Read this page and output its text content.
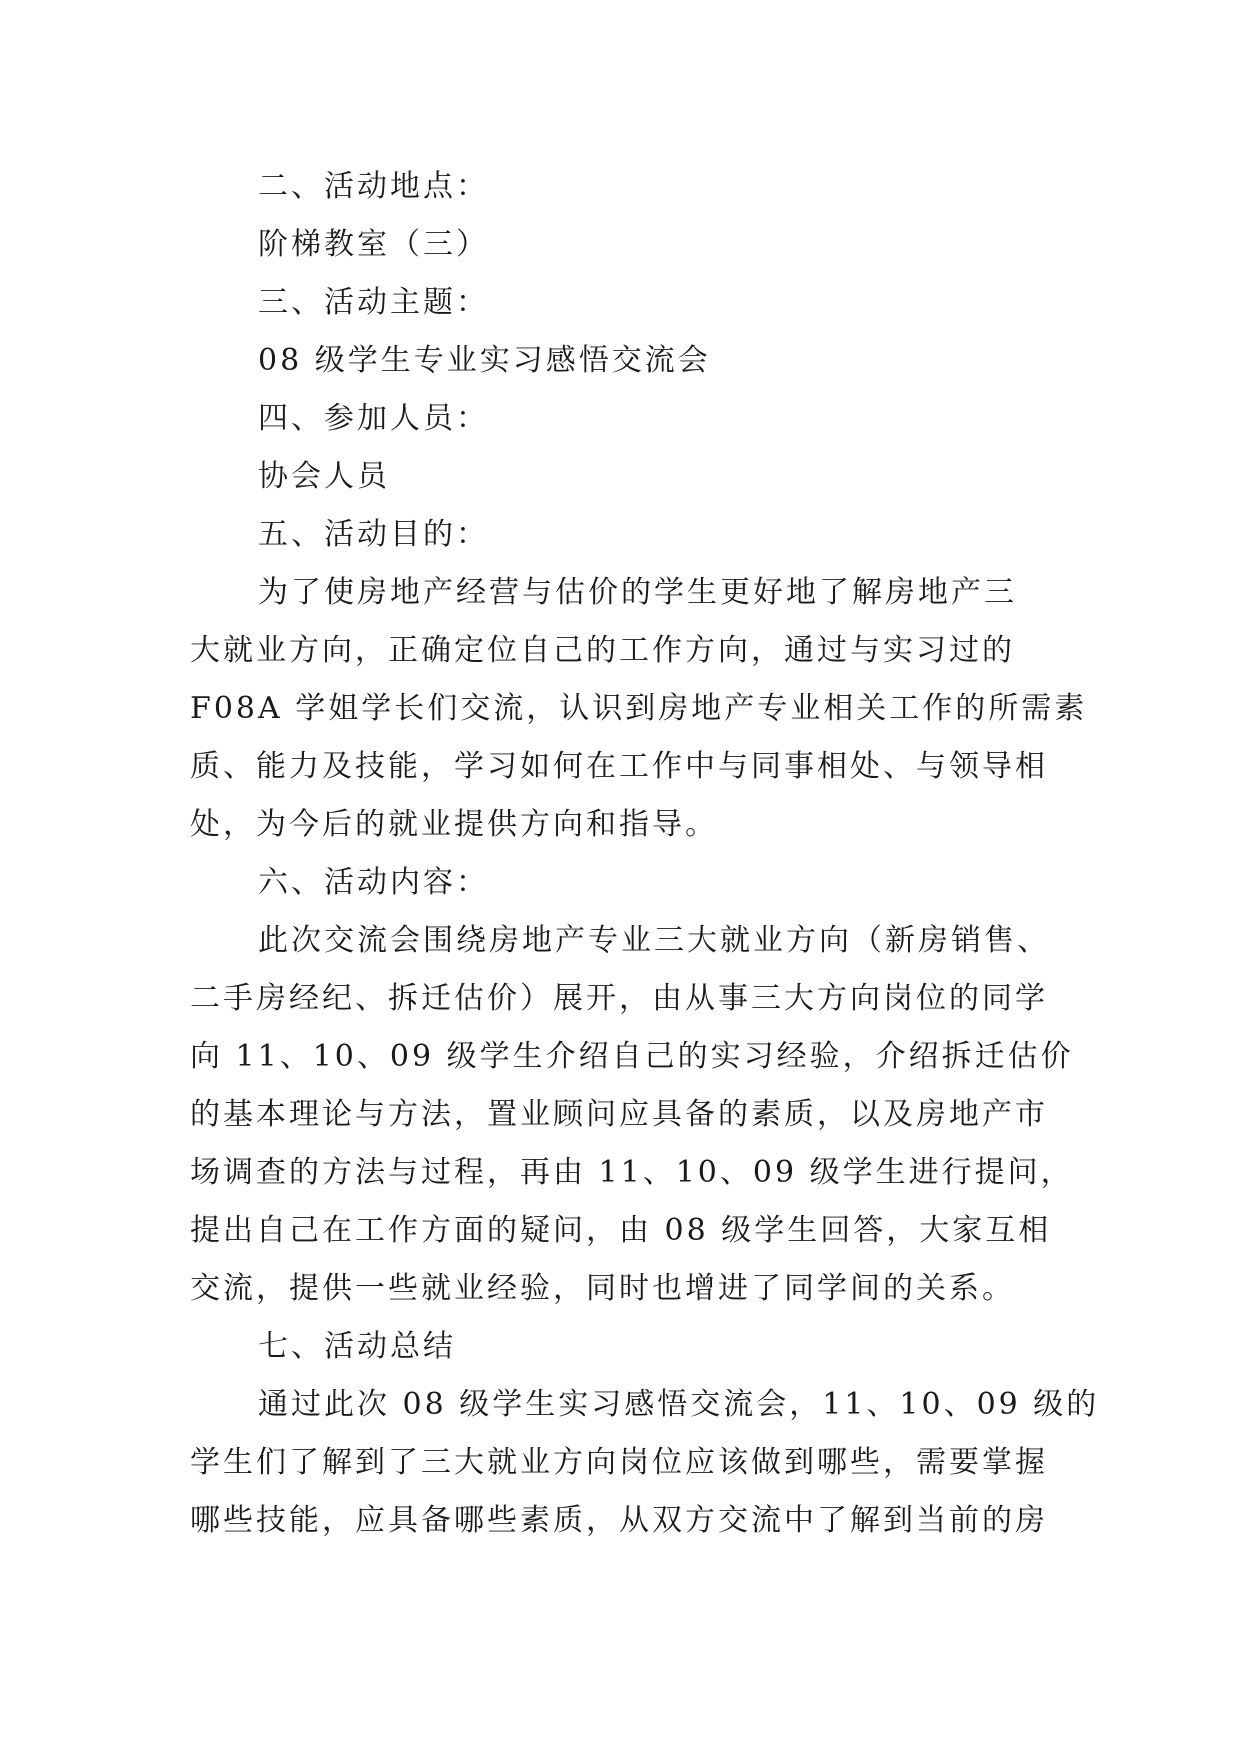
二、活动地点：
阶梯教室（三）
三、活动主题：
08 级学生专业实习感悟交流会
四、参加人员：
协会人员
五、活动目的：
为了使房地产经营与估价的学生更好地了解房地产三
大就业方向，正确定位自己的工作方向，通过与实习过的
F08A 学姐学长们交流，认识到房地产专业相关工作的所需素
质、能力及技能，学习如何在工作中与同事相处、与领导相
处，为今后的就业提供方向和指导。
六、活动内容：
此次交流会围绕房地产专业三大就业方向（新房销售、
二手房经纪、拆迁估价）展开，由从事三大方向岗位的同学
向 11、10、09 级学生介绍自己的实习经验，介绍拆迁估价
的基本理论与方法，置业顾问应具备的素质，以及房地产市
场调查的方法与过程，再由 11、10、09 级学生进行提问，
提出自己在工作方面的疑问，由 08 级学生回答，大家互相
交流，提供一些就业经验，同时也增进了同学间的关系。
七、活动总结
通过此次 08 级学生实习感悟交流会，11、10、09 级的
学生们了解到了三大就业方向岗位应该做到哪些，需要掌握
哪些技能，应具备哪些素质，从双方交流中了解到当前的房
